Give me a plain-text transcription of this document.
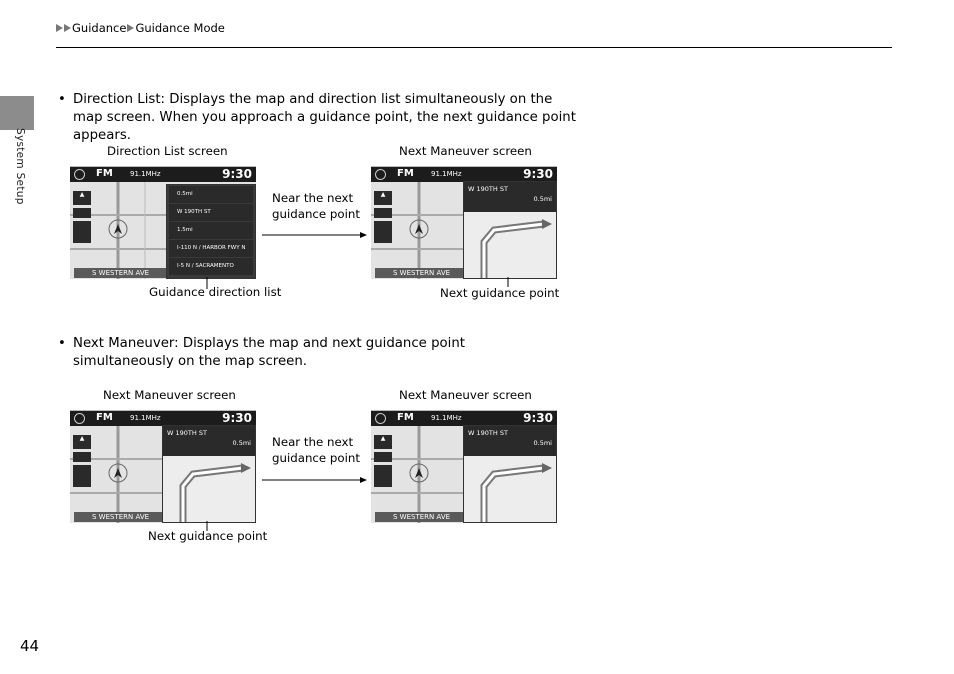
Guidance Guidance Mode
System Setup
• Direction List: Displays the map and direction list simultaneously on the map screen. When you approach a guidance point, the next guidance point appears.
Direction List screen	Next Maneuver screen
FM 91.1MHz	9:30
▲
S WESTERN AVE
0.5mi
W 190TH ST
1.5mi
I-110 N / HARBOR FWY N
I-5 N / SACRAMENTO
Near the next
guidance point
FM 91.1MHz	9:30
▲
S WESTERN AVE
W 190TH ST
0.5mi
Guidance direction list	Next guidance point
• Next Maneuver: Displays the map and next guidance point simultaneously on the map screen.
Next Maneuver screen	Next Maneuver screen
FM 91.1MHz	9:30
▲
S WESTERN AVE
W 190TH ST
0.5mi Near the next
guidance point
FM 91.1MHz	9:30
▲
S WESTERN AVE
W 190TH ST
0.5mi
Next guidance point
44
